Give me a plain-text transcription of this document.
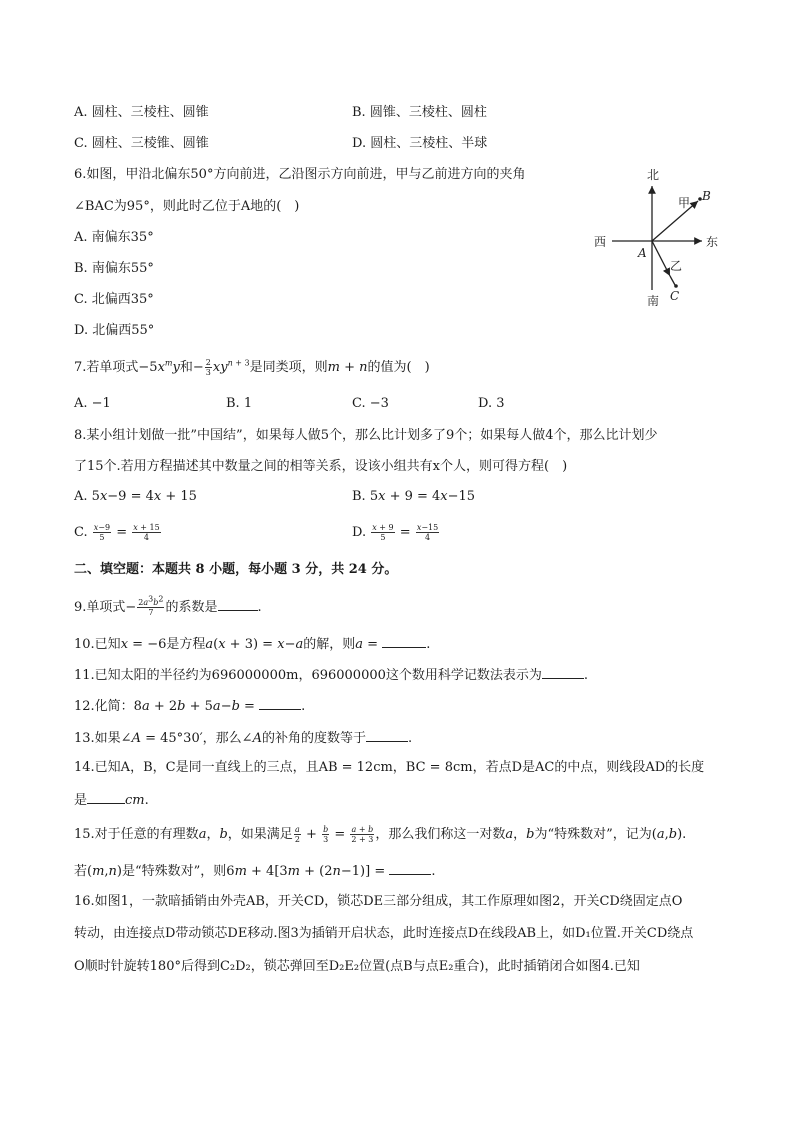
A. 圆柱、三棱柱、圆锥	B. 圆锥、三棱柱、圆柱
C. 圆柱、三棱锥、圆锥	D. 圆柱、三棱柱、半球
6.如图，甲沿北偏东50°方向前进，乙沿图示方向前进，甲与乙前进方向的夹角
∠BAC为95°，则此时乙位于A地的(　)
A. 南偏东35°
B. 南偏东55°
C. 北偏西35°
D. 北偏西55°
北
南
西	东
A
B
C
甲
乙
7.若单项式$-5x^my$和− $\frac{2}{3} xy^{n + 3}$是同类项，则m + n的值为(　)
A. −1	B. 1	C. −3	D. 3
8.某小组计划做一批”中国结”，如果每人做5个，那么比计划多了9个；如果每人做4个，那么比计划少
了15个.若用方程描述其中数量之间的相等关系，设该小组共有x个人，则可得方程(　)
A. 5x−9 = 4x + 15	B. 5x + 9 = 4x−15
C. $\frac{x-9}{5} = \frac{x + 15}{4}$	D. $\frac{x + 9}{5} = \frac{x-15}{4}$
二、填空题：本题共 8 小题，每小题 3 分，共 24 分。
9.单项式− $\frac{2a^3b^2}{7}$ 的系数是	.
10.已知x = −6是方程a(x + 3) = x−a的解，则a =	.
11.已知太阳的半径约为696000000m，696000000这个数用科学记数法表示为	.
12.化简：8a + 2b + 5a−b =	.
13.如果∠A = 45°30′，那么∠A的补角的度数等于	.
14.已知A，B，C是同一直线上的三点，且AB = 12cm，BC = 8cm，若点D是AC的中点，则线段AD的长度
是	cm.
15.对于任意的有理数a，b，如果满足 $\frac{a}{2} + \frac{b}{3} = \frac{a + b}{2 + 3}$ ，那么我们称这一对数a，b为“特殊数对”，记为(a,b).
若(m,n)是“特殊数对”，则6m + 4[3m + (2n−1)] =	.
16.如图1，一款暗插销由外壳AB，开关CD，锁芯DE三部分组成，其工作原理如图2，开关CD绕固定点O
转动，由连接点D带动锁芯DE移动.图3为插销开启状态，此时连接点D在线段AB上，如D₁位置.开关CD绕点
O顺时针旋转180°后得到C₂D₂，锁芯弹回至D₂E₂位置(点B与点E₂重合)，此时插销闭合如图4.已知
